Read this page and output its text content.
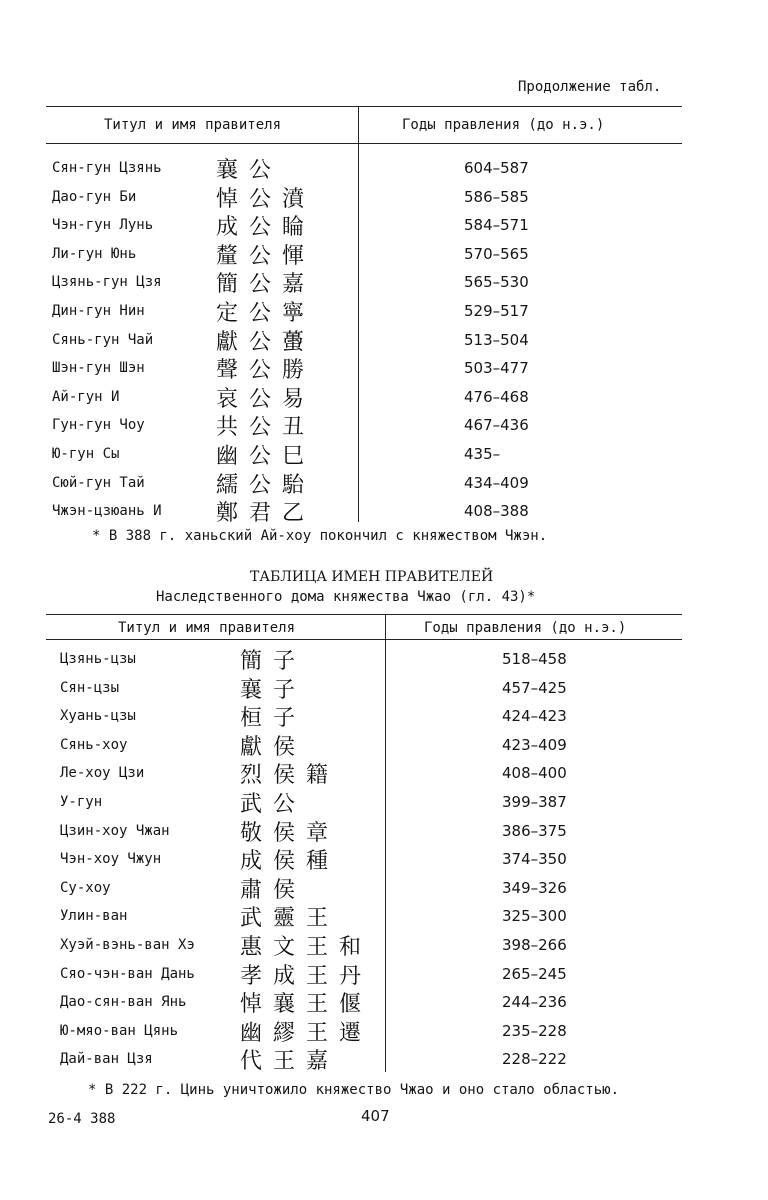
Продолжение табл.
Титул и имя правителя	Годы правления (до н.э.)
Сян-гун Цзянь 襄 公	604–587
Дао-гун Би	悼 公 濆	586–585
Чэн-гун Лунь	成 公 睔	584–571
Ли-гун Юнь	釐 公 惲	570–565
Цзянь-гун Цзя 簡 公 嘉	565–530
Дин-гун Нин	定 公 寧	529–517
Сянь-гун Чай	獻 公 蠆	513–504
Шэн-гун Шэн	聲 公 勝	503–477
Ай-гун И	哀 公 易	476–468
Гун-гун Чоу	共 公 丑	467–436
Ю-гун Сы	幽 公 巳	435–
Сюй-гун Тай	繻 公 駘	434–409
Чжэн-цзюань И 鄭 君 乙	408–388
* В 388 г. ханьский Ай-хоу покончил с княжеством Чжэн.
ТАБЛИЦА ИМЕН ПРАВИТЕЛЕЙ
Наследственного дома княжества Чжао (гл. 43)*
Титул и имя правителя	Годы правления (до н.э.)
Цзянь-цзы	簡 子	518–458
Сян-цзы	襄 子	457–425
Хуань-цзы	桓 子	424–423
Сянь-хоу	獻 侯	423–409
Ле-хоу Цзи	烈 侯 籍	408–400
У-гун	武 公	399–387
Цзин-хоу Чжан	敬 侯 章	386–375
Чэн-хоу Чжун	成 侯 種	374–350
Су-хоу	肅 侯	349–326
Улин-ван	武 靈 王	325–300
Хуэй-вэнь-ван Хэ 惠 文 王 和	398–266
Сяо-чэн-ван Дань 孝 成 王 丹	265–245
Дао-сян-ван Янь 悼 襄 王 偃	244–236
Ю-мяо-ван Цянь	幽 繆 王 遷	235–228
Дай-ван Цзя	代 王 嘉	228–222
* В 222 г. Цинь уничтожило княжество Чжао и оно стало областью.
26-4 388	407
